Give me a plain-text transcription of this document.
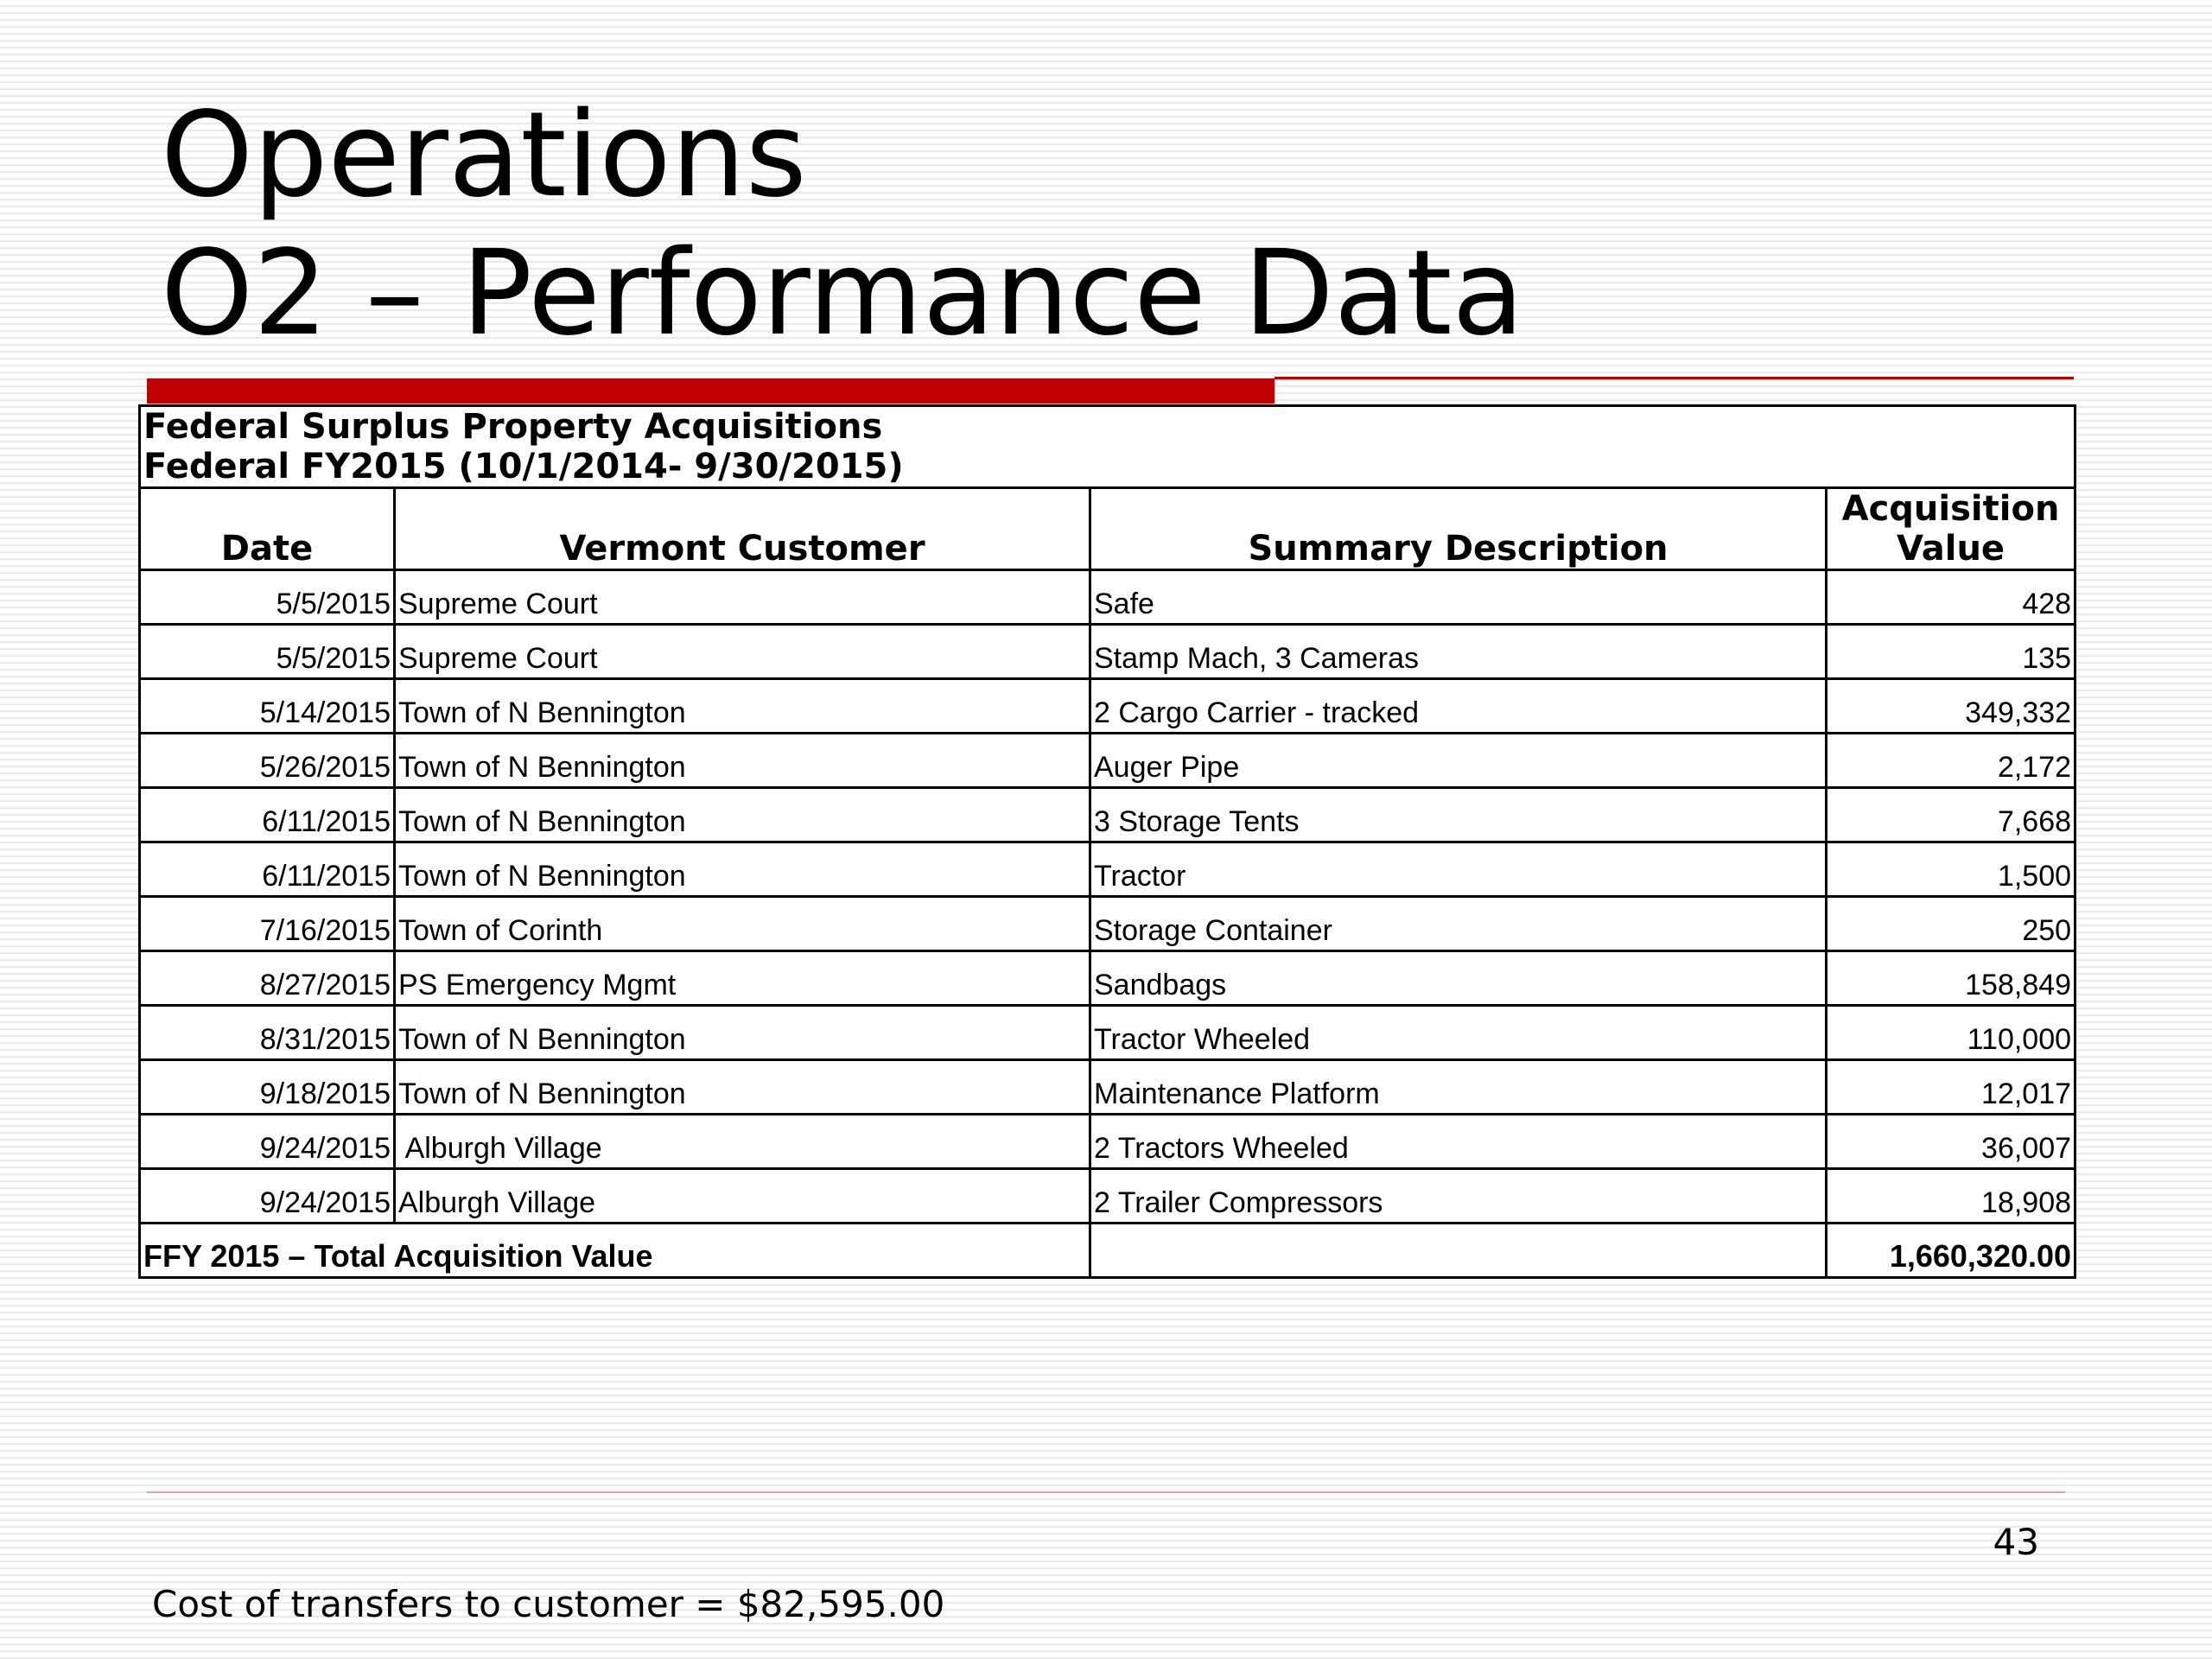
Operations
O2 – Performance Data
Federal Surplus Property Acquisitions
Federal FY2015 (10/1/2014- 9/30/2015)			

Date	Vermont Customer	Summary Description	Acquisition
Value

5/5/2015	Supreme Court	Safe	428
5/5/2015	Supreme Court	Stamp Mach, 3 Cameras	135
5/14/2015	Town of N Bennington	2 Cargo Carrier - tracked	349,332
5/26/2015	Town of N Bennington	Auger Pipe	2,172
6/11/2015	Town of N Bennington	3 Storage Tents	7,668
6/11/2015	Town of N Bennington	Tractor	1,500
7/16/2015	Town of Corinth	Storage Container	250
8/27/2015	PS Emergency Mgmt	Sandbags	158,849
8/31/2015	Town of N Bennington	Tractor Wheeled	110,000
9/18/2015	Town of N Bennington	Maintenance Platform	12,017
9/24/2015	Alburgh Village	2 Tractors Wheeled	36,007
9/24/2015	Alburgh Village	2 Trailer Compressors	18,908
FFY 2015 – Total Acquisition Value			1,660,320.00
43
Cost of transfers to customer = $82,595.00
